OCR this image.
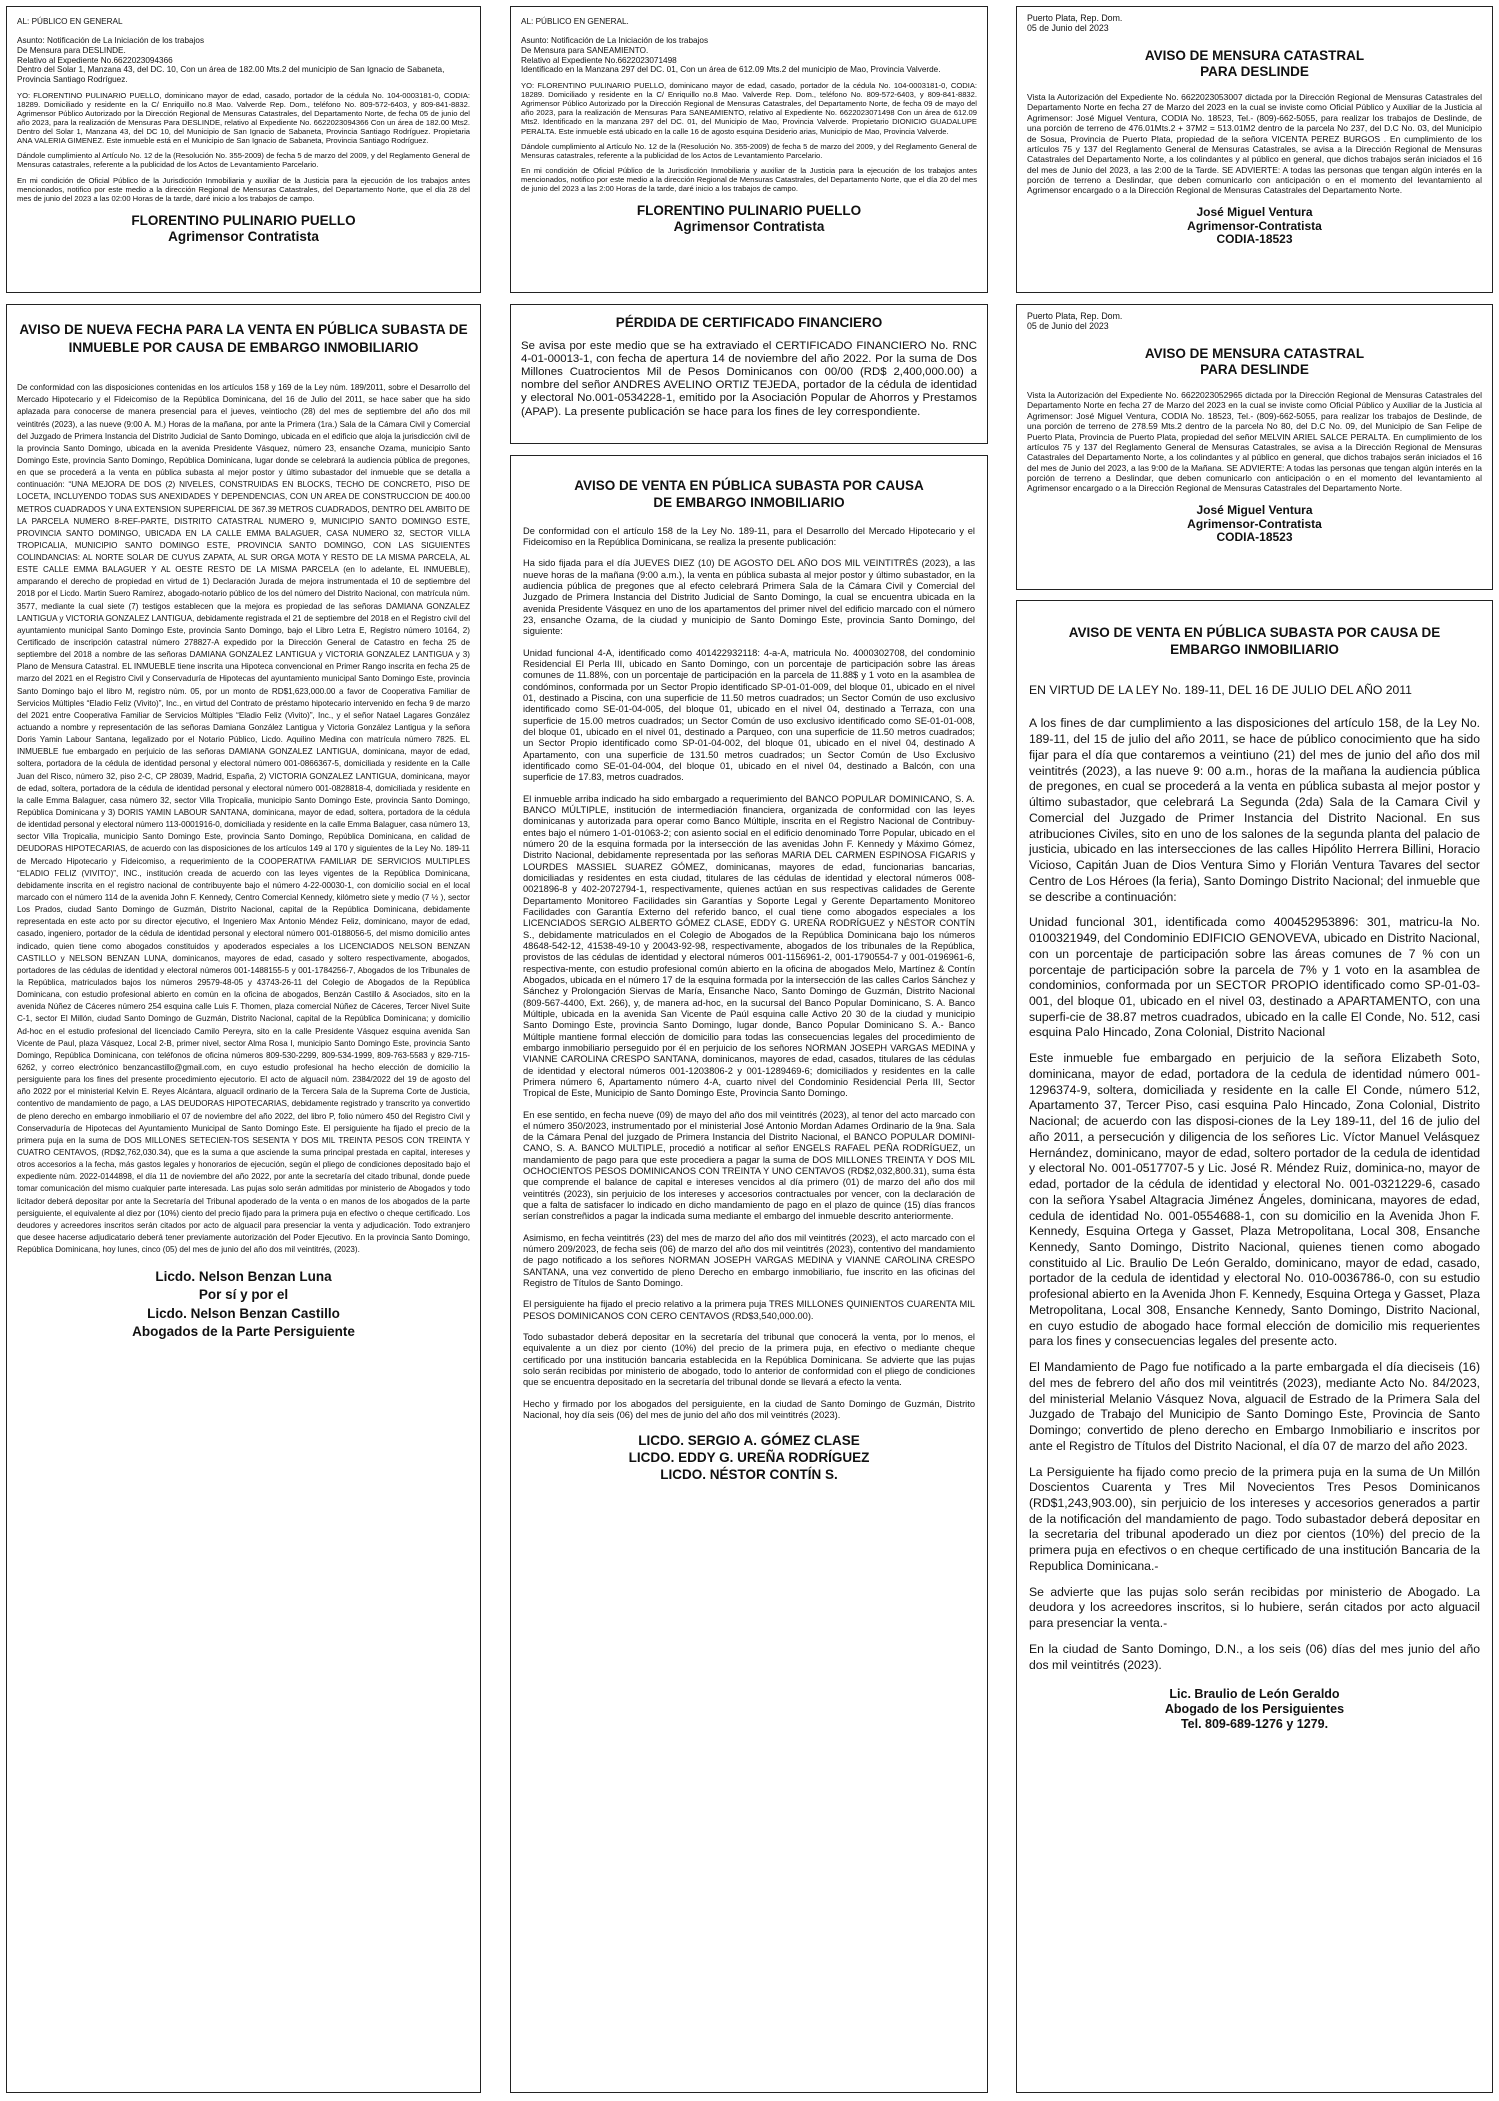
AL: PÚBLICO EN GENERAL

Asunto: Notificación de La Iniciación de los trabajos
De Mensura para DESLINDE.
Relativo al Expediente No.6622023094366
Dentro del Solar 1, Manzana 43, del DC. 10, Con un área de 182.00 Mts.2 del municipio de San Ignacio de Sabaneta, Provincia Santiago Rodríguez.

YO: FLORENTINO PULINARIO PUELLO, dominicano mayor de edad, casado, portador de la cédula No. 104-0003181-0, CODIA: 18289. Domiciliado y residente en la C/ Enriquillo no.8 Mao. Valverde Rep. Dom., teléfono No. 809-572-6403, y 809-841-8832. Agrimensor Público Autorizado por la Dirección Regional de Mensuras Catastrales, del Departamento Norte, de fecha 05 de junio del año 2023, para la realización de Mensuras Para DESLINDE, relativo al Expediente No. 6622023094366 Con un área de 182.00 Mts2. Dentro del Solar 1, Manzana 43, del DC 10, del Municipio de San Ignacio de Sabaneta, Provincia Santiago Rodríguez. Propietaria ANA VALERIA GIMENEZ. Este inmueble está en el Municipio de San Ignacio de Sabaneta, Provincia Santiago Rodríguez.

Dándole cumplimiento al Artículo No. 12 de la (Resolución No. 355-2009) de fecha 5 de marzo del 2009, y del Reglamento General de Mensuras catastrales, referente a la publicidad de los Actos de Levantamiento Parcelario.

En mi condición de Oficial Público de la Jurisdicción Inmobiliaria y auxiliar de la Justicia para la ejecución de los trabajos antes mencionados, notifico por este medio a la dirección Regional de Mensuras Catastrales, del Departamento Norte, que el día 28 del mes de junio del 2023 a las 02:00 Horas de la tarde, daré inicio a los trabajos de campo.

FLORENTINO PULINARIO PUELLO
Agrimensor Contratista
AVISO DE NUEVA FECHA PARA LA VENTA EN PÚBLICA SUBASTA DE
INMUEBLE POR CAUSA DE EMBARGO INMOBILIARIO

De conformidad con las disposiciones contenidas en los artículos 158 y 169 de la Ley núm. 189/2011, sobre el Desarrollo del Mercado Hipotecario y el Fideicomiso de la República Dominicana, del 16 de Julio del 2011, se hace saber que ha sido aplazada para conocerse de manera presencial para el jueves, veintiocho (28) del mes de septiembre del año dos mil veintitrés (2023), a las nueve (9:00 A. M.) Horas de la mañana, por ante la Primera (1ra.) Sala de la Cámara Civil y Comercial del Juzgado de Primera Instancia del Distrito Judicial de Santo Domingo, ubicada en el edificio que aloja la jurisdicción civil de la provincia Santo Domingo, ubicada en la avenida Presidente Vásquez, número 23, ensanche Ozama, municipio Santo Domingo Este, provincia Santo Domingo, República Dominicana, lugar donde se celebrará la audiencia pública de pregones, en que se procederá a la venta en pública subasta al mejor postor y último subastador del inmueble que se detalla a continuación: “UNA MEJORA DE DOS (2) NIVELES, CONSTRUIDAS EN BLOCKS, TECHO DE CONCRETO, PISO DE LOCETA, INCLUYENDO TODAS SUS ANEXIDADES Y DEPENDENCIAS, CON UN AREA DE CONSTRUCCION DE 400.00 METROS CUADRADOS Y UNA EXTENSION SUPERFICIAL DE 367.39 METROS CUADRADOS, DENTRO DEL AMBITO DE LA PARCELA NUMERO 8-REF-PARTE, DISTRITO CATASTRAL NUMERO 9, MUNICIPIO SANTO DOMINGO ESTE, PROVINCIA SANTO DOMINGO, UBICADA EN LA CALLE EMMA BALAGUER, CASA NUMERO 32, SECTOR VILLA TROPICALIA, MUNICIPIO SANTO DOMINGO ESTE, PROVINCIA SANTO DOMINGO, CON LAS SIGUIENTES COLINDANCIAS: AL NORTE SOLAR DE CUYUS ZAPATA, AL SUR ORGA MOTA Y RESTO DE LA MISMA PARCELA, AL ESTE CALLE EMMA BALAGUER Y AL OESTE RESTO DE LA MISMA PARCELA (en lo adelante, EL INMUEBLE), amparando el derecho de propiedad en virtud de 1) Declaración Jurada de mejora instrumentada el 10 de septiembre del 2018 por el Licdo. Martin Suero Ramírez, abogado-notario público de los del número del Distrito Nacional, con matrícula núm. 3577, mediante la cual siete (7) testigos establecen que la mejora es propiedad de las señoras DAMIANA GONZALEZ LANTIGUA y VICTORIA GONZALEZ LANTIGUA, debidamente registrada el 21 de septiembre del 2018 en el Registro civil del ayuntamiento municipal Santo Domingo Este, provincia Santo Domingo, bajo el Libro Letra E, Registro número 10164, 2) Certificado de inscripción catastral número 278827-A expedido por la Dirección General de Catastro en fecha 25 de septiembre del 2018 a nombre de las señoras DAMIANA GONZALEZ LANTIGUA y VICTORIA GONZALEZ LANTIGUA y 3) Plano de Mensura Catastral. EL INMUEBLE tiene inscrita una Hipoteca convencional en Primer Rango inscrita en fecha 25 de marzo del 2021 en el Registro Civil y Conservaduría de Hipotecas del ayuntamiento municipal Santo Domingo Este, provincia Santo Domingo bajo el libro M, registro núm. 05, por un monto de RD$1,623,000.00 a favor de Cooperativa Familiar de Servicios Múltiples “Eladio Feliz (Vivito)”, Inc., en virtud del Contrato de préstamo hipotecario intervenido en fecha 9 de marzo del 2021 entre Cooperativa Familiar de Servicios Múltiples “Eladio Feliz (Vivito)”, Inc., y el señor Natael Lagares González actuando a nombre y representación de las señoras Damiana González Lantigua y Victoria González Lantigua y la señora Doris Yamin Labour Santana, legalizado por el Notario Público, Licdo. Aquilino Medina con matrícula número 7825. EL INMUEBLE fue embargado en perjuicio de las señoras DAMIANA GONZALEZ LANTIGUA, dominicana, mayor de edad, soltera, portadora de la cédula de identidad personal y electoral número 001-0866367-5, domiciliada y residente en la Calle Juan del Risco, número 32, piso 2-C, CP 28039, Madrid, España, 2) VICTORIA GONZALEZ LANTIGUA, dominicana, mayor de edad, soltera, portadora de la cédula de identidad personal y electoral número 001-0828818-4, domiciliada y residente en la calle Emma Balaguer, casa número 32, sector Villa Tropicalia, municipio Santo Domingo Este, provincia Santo Domingo, República Dominicana y 3) DORIS YAMIN LABOUR SANTANA, dominicana, mayor de edad, soltera, portadora de la cédula de identidad personal y electoral número 113-0001916-0, domiciliada y residente en la calle Emma Balaguer, casa número 13, sector Villa Tropicalia, municipio Santo Domingo Este, provincia Santo Domingo, República Dominicana, en calidad de DEUDORAS HIPOTECARIAS, de acuerdo con las disposiciones de los artículos 149 al 170 y siguientes de la Ley No. 189-11 de Mercado Hipotecario y Fideicomiso, a requerimiento de la COOPERATIVA FAMILIAR DE SERVICIOS MULTIPLES “ELADIO FELIZ (VIVITO)”, INC., institución creada de acuerdo con las leyes vigentes de la República Dominicana, debidamente inscrita en el registro nacional de contribuyente bajo el número 4-22-00030-1, con domicilio social en el local marcado con el número 114 de la avenida John F. Kennedy, Centro Comercial Kennedy, kilómetro siete y medio (7 ½ ), sector Los Prados, ciudad Santo Domingo de Guzmán, Distrito Nacional, capital de la República Dominicana, debidamente representada en este acto por su director ejecutivo, el Ingeniero Max Antonio Méndez Feliz, dominicano, mayor de edad, casado, ingeniero, portador de la cédula de identidad personal y electoral número 001-0188056-5, del mismo domicilio antes indicado, quien tiene como abogados constituidos y apoderados especiales a los LICENCIADOS NELSON BENZAN CASTILLO y NELSON BENZAN LUNA, dominicanos, mayores de edad, casado y soltero respectivamente, abogados, portadores de las cédulas de identidad y electoral números 001-1488155-5 y 001-1784256-7, Abogados de los Tribunales de la República, matriculados bajos los números 29579-48-05 y 43743-26-11 del Colegio de Abogados de la República Dominicana, con estudio profesional abierto en común en la oficina de abogados, Benzán Castillo & Asociados, sito en la avenida Núñez de Cáceres número 254 esquina calle Luis F. Thomen, plaza comercial Núñez de Cáceres, Tercer Nivel Suite C-1, sector El Millón, ciudad Santo Domingo de Guzmán, Distrito Nacional, capital de la República Dominicana; y domicilio Ad-hoc en el estudio profesional del licenciado Camilo Pereyra, sito en la calle Presidente Vásquez esquina avenida San Vicente de Paul, plaza Vásquez, Local 2-B, primer nivel, sector Alma Rosa I, municipio Santo Domingo Este, provincia Santo Domingo, República Dominicana, con teléfonos de oficina números 809-530-2299, 809-534-1999, 809-763-5583 y 829-715-6262, y correo electrónico benzancastillo@gmail.com, en cuyo estudio profesional ha hecho elección de domicilio la persiguiente para los fines del presente procedimiento ejecutorio. El acto de alguacil núm. 2384/2022 del 19 de agosto del año 2022 por el ministerial Kelvin E. Reyes Alcántara, alguacil ordinario de la Tercera Sala de la Suprema Corte de Justicia, contentivo de mandamiento de pago, a LAS DEUDORAS HIPOTECARIAS, debidamente registrado y transcrito ya convertido de pleno derecho en embargo inmobiliario el 07 de noviembre del año 2022, del libro P, folio número 450 del Registro Civil y Conservaduría de Hipotecas del Ayuntamiento Municipal de Santo Domingo Este. El persiguiente ha fijado el precio de la primera puja en la suma de DOS MILLONES SETECIEN-TOS SESENTA Y DOS MIL TREINTA PESOS CON TREINTA Y CUATRO CENTAVOS, (RD$2,762,030.34), que es la suma a que asciende la suma principal prestada en capital, intereses y otros accesorios a la fecha, más gastos legales y honorarios de ejecución, según el pliego de condiciones depositado bajo el expediente núm. 2022-0144898, el día 11 de noviembre del año 2022, por ante la secretaría del citado tribunal, donde puede tomar comunicación del mismo cualquier parte interesada. Las pujas solo serán admitidas por ministerio de Abogados y todo licitador deberá depositar por ante la Secretaría del Tribunal apoderado de la venta o en manos de los abogados de la parte persiguiente, el equivalente al diez por (10%) ciento del precio fijado para la primera puja en efectivo o cheque certificado. Los deudores y acreedores inscritos serán citados por acto de alguacil para presenciar la venta y adjudicación. Todo extranjero que desee hacerse adjudicatario deberá tener previamente autorización del Poder Ejecutivo. En la provincia Santo Domingo, República Dominicana, hoy lunes, cinco (05) del mes de junio del año dos mil veintitrés, (2023).

Licdo. Nelson Benzan Luna
Por sí y por el
Licdo. Nelson Benzan Castillo
Abogados de la Parte Persiguiente
AL: PÚBLICO EN GENERAL.

Asunto: Notificación de La Iniciación de los trabajos
De Mensura para SANEAMIENTO.
Relativo al Expediente No.6622023071498
Identificado en la Manzana 297 del DC. 01, Con un área de 612.09 Mts.2 del municipio de Mao, Provincia Valverde.

YO: FLORENTINO PULINARIO PUELLO, dominicano mayor de edad, casado, portador de la cédula No. 104-0003181-0, CODIA: 18289. Domiciliado y residente en la C/ Enriquillo no.8 Mao. Valverde Rep. Dom., teléfono No. 809-572-6403, y 809-841-8832. Agrimensor Público Autorizado por la Dirección Regional de Mensuras Catastrales, del Departamento Norte, de fecha 09 de mayo del año 2023, para la realización de Mensuras Para SANEAMIENTO, relativo al Expediente No. 6622023071498 Con un área de 612.09 Mts2. Identificado en la manzana 297 del DC. 01, del Municipio de Mao, Provincia Valverde. Propietario DIONICIO GUADALUPE PERALTA. Este inmueble está ubicado en la calle 16 de agosto esquina Desiderio arias, Municipio de Mao, Provincia Valverde.

Dándole cumplimiento al Artículo No. 12 de la (Resolución No. 355-2009) de fecha 5 de marzo del 2009, y del Reglamento General de Mensuras catastrales, referente a la publicidad de los Actos de Levantamiento Parcelario.

En mi condición de Oficial Público de la Jurisdicción Inmobiliaria y auxiliar de la Justicia para la ejecución de los trabajos antes mencionados, notifico por este medio a la dirección Regional de Mensuras Catastrales, del Departamento Norte, que el día 20 del mes de junio del 2023 a las 2:00 Horas de la tarde, daré inicio a los trabajos de campo.

FLORENTINO PULINARIO PUELLO
Agrimensor Contratista
PÉRDIDA DE CERTIFICADO FINANCIERO

Se avisa por este medio que se ha extraviado el CERTIFICADO FINANCIERO No. RNC 4-01-00013-1, con fecha de apertura 14 de noviembre del año 2022. Por la suma de Dos Millones Cuatrocientos Mil de Pesos Dominicanos con 00/00 (RD$ 2,400,000.00) a nombre del señor ANDRES AVELINO ORTIZ TEJEDA, portador de la cédula de identidad y electoral No.001-0534228-1, emitido por la Asociación Popular de Ahorros y Prestamos (APAP). La presente publicación se hace para los fines de ley correspondiente.

AVISO DE VENTA EN PÚBLICA SUBASTA POR CAUSA
DE EMBARGO INMOBILIARIO

De conformidad con el artículo 158 de la Ley No. 189-11, para el Desarrollo del Mercado Hipotecario y el Fideicomiso en la República Dominicana, se realiza la presente publicación:

Ha sido fijada para el día JUEVES DIEZ (10) DE AGOSTO DEL AÑO DOS MIL VEINTITRÉS (2023), a las nueve horas de la mañana (9:00 a.m.), la venta en pública subasta al mejor postor y último subastador, en la audiencia pública de pregones que al efecto celebrará Primera Sala de la Cámara Civil y Comercial del Juzgado de Primera Instancia del Distrito Judicial de Santo Domingo, la cual se encuentra ubicada en la avenida Presidente Vásquez en uno de los apartamentos del primer nivel del edificio marcado con el número 23, ensanche Ozama, de la ciudad y municipio de Santo Domingo Este, provincia Santo Domingo, del siguiente:

Unidad funcional 4-A, identificado como 401422932118: 4-a-A, matricula No. 400030270​8, del condominio Residencial El Perla III, ubicado en Santo Domingo, con un porcentaje de participación sobre las áreas comunes de 11.88%, con un porcentaje de participación en la parcela de 11.88$ y 1 voto en la asamblea de condóminos, conformada por un Sector Propio identificado SP-01-01-009, del bloque 01, ubicado en el nivel 01, destinado a Piscina, con una superficie de 11.50 metros cuadrados; un Sector Común de uso exclusivo identificado como SE-01-04-005, del bloque 01, ubicado en el nivel 04, destinado a Terraza, con una superficie de 15.00 metros cuadrados; un Sector Común de uso exclusivo identificado como SE-01-01-008, del bloque 01, ubicado en el nivel 01, destinado a Parqueo, con una superficie de 11.50 metros cuadrados; un Sector Propio identificado como SP-01-04-002, del bloque 01, ubicado en el nivel 04, destinado A Apartamento, con una superficie de 131.50 metros cuadrados; un Sector Común de Uso Exclusivo identificado como SE-01-04-004, del bloque 01, ubicado en el nivel 04, destinado a Balcón, con una superficie de 17.83, metros cuadrados.

El inmueble arriba indicado ha sido embargado a requerimiento del BANCO POPULAR DOMINICANO, S. A. BANCO MÚLTIPLE, institución de intermediación financiera, organizada de conformidad con las leyes dominicanas y autorizada para operar como Banco Múltiple, inscrita en el Registro Nacional de Contribuy-entes bajo el número 1-01-01063-2; con asiento social en el edificio denominado Torre Popular, ubicado en el número 20 de la esquina formada por la intersección de las avenidas John F. Kennedy y Máximo Gómez, Distrito Nacional, debidamente representada por las señoras MARIA DEL CARMEN ESPINOSA FIGARIS y LOURDES MASSIEL SUAREZ GÓMEZ, dominicanas, mayores de edad, funcionarias bancarias, domiciliadas y residentes en esta ciudad, titulares de las cédulas de identidad y electoral números 008-0021896-8 y 402-2072794-1, respectivamente, quienes actúan en sus respectivas calidades de Gerente Departamento Monitoreo Facilidades sin Garantías y Soporte Legal y Gerente Departamento Monitoreo Facilidades con Garantía Externo del referido banco, el cual tiene como abogados especiales a los LICENCIADOS SERGIO ALBERTO GÓMEZ CLASE, EDDY G. UREÑA RODRÍGUEZ y NÉSTOR CONTÍN S., debidamente matriculados en el Colegio de Abogados de la República Dominicana bajo los números 48648-542-12, 41538-49-10 y 20043-92-98, respectivamente, abogados de los tribunales de la República, provistos de las cédulas de identidad y electoral números 001-1156961-2, 001-1790554-7 y 001-0196961-6, respectiva-mente, con estudio profesional común abierto en la oficina de abogados Melo, Martínez & Contín Abogados, ubicada en el número 17 de la esquina formada por la intersección de las calles Carlos Sánchez y Sánchez y Prolongación Siervas de María, Ensanche Naco, Santo Domingo de Guzmán, Distrito Nacional (809-567-4400, Ext. 266), y, de manera ad-hoc, en la sucursal del Banco Popular Dominicano, S. A. Banco Múltiple, ubicada en la avenida San Vicente de Paúl esquina calle Activo 20 30 de la ciudad y municipio Santo Domingo Este, provincia Santo Domingo, lugar donde, Banco Popular Dominicano S. A.- Banco Múltiple mantiene formal elección de domicilio para todas las consecuencias legales del procedimiento de embargo inmobiliario perseguido por él en perjuicio de los señores NORMAN JOSEPH VARGAS MEDINA y VIANNE CAROLINA CRESPO SANTANA, dominicanos, mayores de edad, casados, titulares de las cédulas de identidad y electoral números 001-1203806-2 y 001-1289469-6; domiciliados y residentes en la calle Primera número 6, Apartamento número 4-A, cuarto nivel del Condominio Residencial Perla III, Sector Tropical de Este, Municipio de Santo Domingo Este, Provincia Santo Domingo.

En ese sentido, en fecha nueve (09) de mayo del año dos mil veintitrés (2023), al tenor del acto marcado con el número 350/2023, instrumentado por el ministerial José Antonio Mordan Adames Ordinario de la 9na. Sala de la Cámara Penal del juzgado de Primera Instancia del Distrito Nacional, el BANCO POPULAR DOMINI-CANO, S. A. BANCO MULTIPLE, procedió a notificar al señor ENGELS RAFAEL PEÑA RODRÍGUEZ, un mandamiento de pago para que este procediera a pagar la suma de DOS MILLONES TREINTA Y DOS MIL OCHOCIENTOS PESOS DOMINICANOS CON TREINTA Y UNO CENTAVOS (RD$2,032,800.31), suma ésta que comprende el balance de capital e intereses vencidos al día primero (01) de marzo del año dos mil veintitrés (2023), sin perjuicio de los intereses y accesorios contractuales por vencer, con la declaración de que a falta de satisfacer lo indicado en dicho mandamiento de pago en el plazo de quince (15) días francos serían constreñidos a pagar la indicada suma mediante el embargo del inmueble descrito anteriormente.

Asimismo, en fecha veintitrés (23) del mes de marzo del año dos mil veintitrés (2023), el acto marcado con el número 209/2023, de fecha seis (06) de marzo del año dos mil veintitrés (2023), contentivo del mandamiento de pago notificado a los señores NORMAN JOSEPH VARGAS MEDINA y VIANNE CAROLINA CRESPO SANTANA, una vez convertido de pleno Derecho en embargo inmobiliario, fue inscrito en las oficinas del Registro de Títulos de Santo Domingo.

El persiguiente ha fijado el precio relativo a la primera puja TRES MILLONES QUINIENTOS CUARENTA MIL PESOS DOMINICANOS CON CERO CENTAVOS (RD$3,540,000.00).

Todo subastador deberá depositar en la secretaría del tribunal que conocerá la venta, por lo menos, el equivalente a un diez por ciento (10%) del precio de la primera puja, en efectivo o mediante cheque certificado por una institución bancaria establecida en la República Dominicana. Se advierte que las pujas solo serán recibidas por ministerio de abogado, todo lo anterior de conformidad con el pliego de condiciones que se encuentra depositado en la secretaría del tribunal donde se llevará a efecto la venta.

Hecho y firmado por los abogados del persiguiente, en la ciudad de Santo Domingo de Guzmán, Distrito Nacional, hoy día seis (06) del mes de junio del año dos mil veintitrés (2023).

LICDO. SERGIO A. GÓMEZ CLASE
LICDO. EDDY G. UREÑA RODRÍGUEZ
LICDO. NÉSTOR CONTÍN S.
Puerto Plata, Rep. Dom.
05 de Junio del 2023
AVISO DE MENSURA CATASTRAL
PARA DESLINDE

Vista la Autorización del Expediente No. 6622023053007 dictada por la Dirección Regional de Mensuras Catastrales del Departamento Norte en fecha 27 de Marzo del 2023 en la cual se inviste como Oficial Público y Auxiliar de la Justicia al Agrimensor: José Miguel Ventura, CODIA No. 18523, Tel.- (809)-662-5055, para realizar los trabajos de Deslinde, de una porción de terreno de 476.01Mts.2 + 37M2 = 513.01M2 dentro de la parcela No 237, del D.C No. 03, del Municipio de Sosua, Provincia de Puerto Plata, propiedad de la señora VICENTA PEREZ BURGOS . En cumplimiento de los artículos 75 y 137 del Reglamento General de Mensuras Catastrales, se avisa a la Dirección Regional de Mensuras Catastrales del Departamento Norte, a los colindantes y al público en general, que dichos trabajos serán iniciados el 16 del mes de Junio del 2023, a las 2:00 de la Tarde. SE ADVIERTE: A todas las personas que tengan algún interés en la porción de terreno a Deslindar, que deben comunicarlo con anticipación o en el momento del levantamiento al Agrimensor encargado o a la Dirección Regional de Mensuras Catastrales del Departamento Norte.

José Miguel Ventura
Agrimensor-Contratista
CODIA-18523
Puerto Plata, Rep. Dom.
05 de Junio del 2023
AVISO DE MENSURA CATASTRAL
PARA DESLINDE

Vista la Autorización del Expediente No. 6622023052965 dictada por la Dirección Regional de Mensuras Catastrales del Departamento Norte en fecha 27 de Marzo del 2023 en la cual se inviste como Oficial Público y Auxiliar de la Justicia al Agrimensor: José Miguel Ventura, CODIA No. 18523, Tel.- (809)-662-5055, para realizar los trabajos de Deslinde, de una porción de terreno de 278.59 Mts.2 dentro de la parcela No 80, del D.C No. 09, del Municipio de San Felipe de Puerto Plata, Provincia de Puerto Plata, propiedad del señor MELVIN ARIEL SALCE PERALTA. En cumplimiento de los artículos 75 y 137 del Reglamento General de Mensuras Catastrales, se avisa a la Dirección Regional de Mensuras Catastrales del Departamento Norte, a los colindantes y al público en general, que dichos trabajos serán iniciados el 16 del mes de Junio del 2023, a las 9:00 de la Mañana. SE ADVIERTE: A todas las personas que tengan algún interés en la porción de terreno a Deslindar, que deben comunicarlo con anticipación o en el momento del levantamiento al Agrimensor encargado o a la Dirección Regional de Mensuras Catastrales del Departamento Norte.

José Miguel Ventura
Agrimensor-Contratista
CODIA-18523
AVISO DE VENTA EN PÚBLICA SUBASTA POR CAUSA DE
EMBARGO INMOBILIARIO

EN VIRTUD DE LA LEY No. 189-11, DEL 16 DE JULIO DEL AÑO 2011

A los fines de dar cumplimiento a las disposiciones del artículo 158, de la Ley No. 189-11, del 15 de julio del año 2011, se hace de público conocimiento que ha sido fijar para el día que contaremos a veintiuno (21) del mes de junio del año dos mil veintitrés (2023), a las nueve 9: 00 a.m., horas de la mañana la audiencia pública de pregones, en cual se procederá a la venta en pública subasta al mejor postor y último subastador, que celebrará La Segunda (2da) Sala de la Camara Civil y Comercial del Juzgado de Primer Instancia del Distrito Nacional. En sus atribuciones Civiles, sito en uno de los salones de la segunda planta del palacio de justicia, ubicado en las intersecciones de las calles Hipólito Herrera Billini, Horacio Vicioso, Capitán Juan de Dios Ventura Simo y Florián Ventura Tavares del sector Centro de Los Héroes (la feria), Santo Domingo Distrito Nacional; del inmueble que se describe a continuación:

Unidad funcional 301, identificada como 400452953896: 301, matricu-la No. 0100321949, del Condominio EDIFICIO GENOVEVA, ubicado en Distrito Nacional, con un porcentaje de participación sobre las áreas comunes de 7 % con un porcentaje de participación sobre la parcela de 7% y 1 voto en la asamblea de condominios, conformada por un SECTOR PROPIO identificado como SP-01-03-001, del bloque 01, ubicado en el nivel 03, destinado a APARTAMENTO, con una superfi-cie de 38.87 metros cuadrados, ubicado en la calle El Conde, No. 512, casi esquina Palo Hincado, Zona Colonial, Distrito Nacional

Este inmueble fue embargado en perjuicio de la señora Elizabeth Soto, dominicana, mayor de edad, portadora de la cedula de identidad número 001-1296374-9, soltera, domiciliada y residente en la calle El Conde, número 512, Apartamento 37, Tercer Piso, casi esquina Palo Hincado, Zona Colonial, Distrito Nacional; de acuerdo con las disposi-ciones de la Ley 189-11, del 16 de julio del año 2011, a persecución y diligencia de los señores Lic. Víctor Manuel Velásquez Hernández, dominicano, mayor de edad, soltero portador de la cedula de identidad y electoral No. 001-0517707-5 y Lic. José R. Méndez Ruiz, dominica-no, mayor de edad, portador de la cédula de identidad y electoral No. 001-0321229-6, casado con la señora Ysabel Altagracia Jiménez Ángeles, dominicana, mayores de edad, cedula de identidad No. 001-0554688-1, con su domicilio en la Avenida Jhon F. Kennedy, Esquina Ortega y Gasset, Plaza Metropolitana, Local 308, Ensanche Kennedy, Santo Domingo, Distrito Nacional, quienes tienen como abogado constituido al Lic. Braulio De León Geraldo, dominicano, mayor de edad, casado, portador de la cedula de identidad y electoral No. 010-0036786-0, con su estudio profesional abierto en la Avenida Jhon F. Kennedy, Esquina Ortega y Gasset, Plaza Metropolitana, Local 308, Ensanche Kennedy, Santo Domingo, Distrito Nacional, en cuyo estudio de abogado hace formal elección de domicilio mis requerientes para los fines y consecuencias legales del presente acto.

El Mandamiento de Pago fue notificado a la parte embargada el día dieciseis (16) del mes de febrero del año dos mil veintitrés (2023), mediante Acto No. 84/2023, del ministerial Melanio Vásquez Nova, alguacil de Estrado de la Primera Sala del Juzgado de Trabajo del Municipio de Santo Domingo Este, Provincia de Santo Domingo; convertido de pleno derecho en Embargo Inmobiliario e inscritos por ante el Registro de Títulos del Distrito Nacional, el día 07 de marzo del año 2023.

La Persiguiente ha fijado como precio de la primera puja en la suma de Un Millón Doscientos Cuarenta y Tres Mil Novecientos Tres Pesos Dominicanos (RD$1,243,903.00), sin perjuicio de los intereses y accesorios generados a partir de la notificación del mandamiento de pago. Todo subastador deberá depositar en la secretaria del tribunal apoderado un diez por cientos (10%) del precio de la primera puja en efectivos o en cheque certificado de una institución Bancaria de la Republica Dominicana.-

Se advierte que las pujas solo serán recibidas por ministerio de Abogado. La deudora y los acreedores inscritos, si lo hubiere, serán citados por acto alguacil para presenciar la venta.-

En la ciudad de Santo Domingo, D.N., a los seis (06) días del mes junio del año dos mil veintitrés (2023).

Lic. Braulio de León Geraldo
Abogado de los Persiguientes
Tel. 809-689-1276 y 1279.
